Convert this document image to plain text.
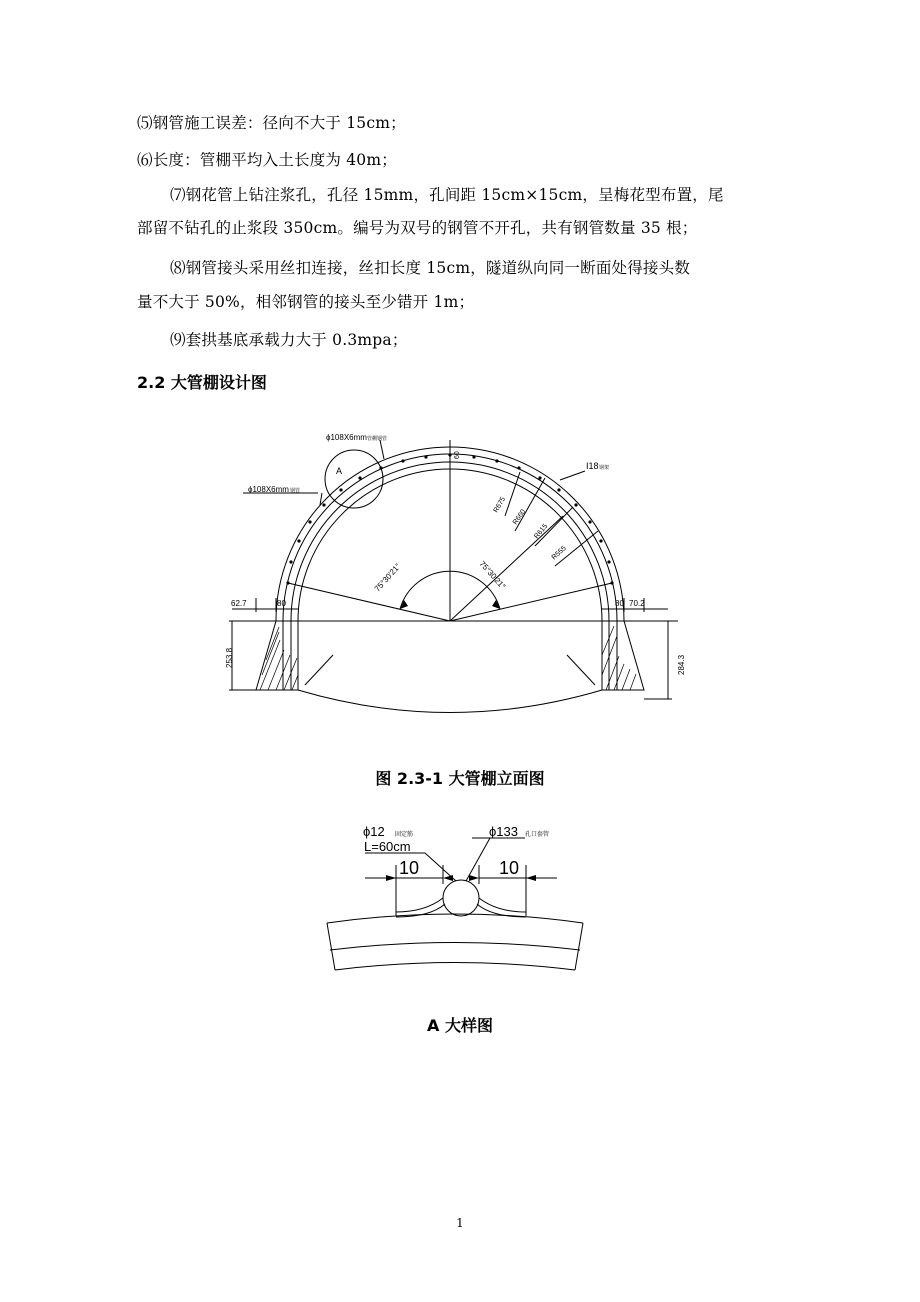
⑸钢管施工误差：径向不大于 15cm；
⑹长度：管棚平均入土长度为 40m；
⑺钢花管上钻注浆孔，孔径 15mm，孔间距 15cm×15cm，呈梅花型布置，尾
部留不钻孔的止浆段 350cm。编号为双号的钢管不开孔，共有钢管数量 35 根；
⑻钢管接头采用丝扣连接，丝扣长度 15cm，隧道纵向同一断面处得接头数
量不大于 50%，相邻钢管的接头至少错开 1m；
⑼套拱基底承载力大于 0.3mpa；
2.2 大管棚设计图
ϕ108X6mm 管棚钢管
ϕ108X6mm 钢管
A	I18 钢架
60
R675
R660
R615
R555
75°30′21″	75°30′21″
62.7	80	80 70.2
253.8	284.3
图 2.3-1 大管棚立面图
ϕ12 固定筋
L=60cm
ϕ133 孔口套管
10	10
A 大样图
1
